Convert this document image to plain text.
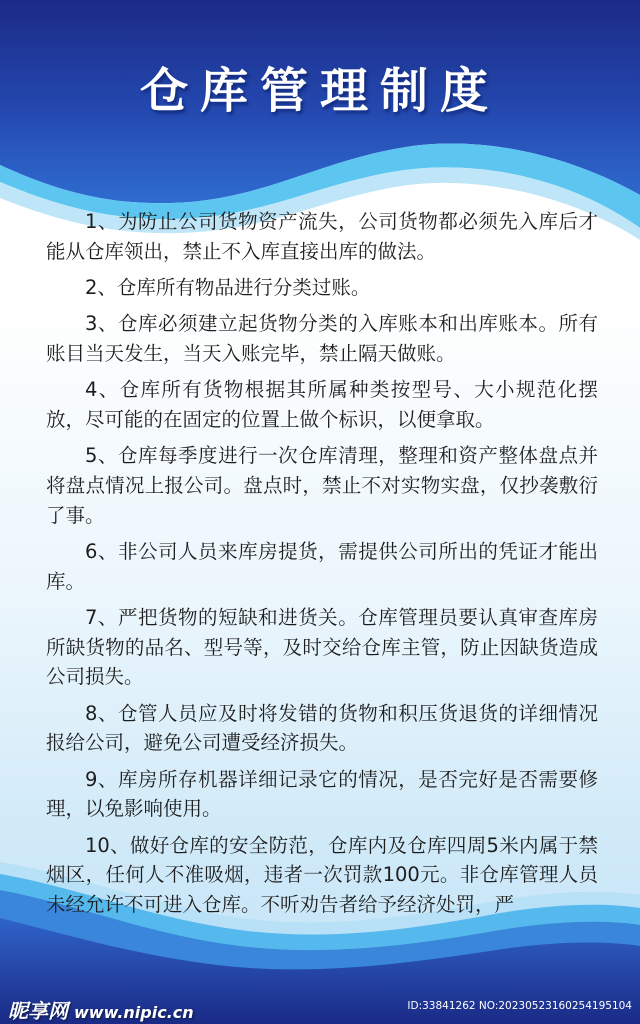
仓库管理制度

1、为防止公司货物资产流失，公司货物都必须先入库后才能从仓库领出，禁止不入库直接出库的做法。

2、仓库所有物品进行分类过账。

3、仓库必须建立起货物分类的入库账本和出库账本。所有账目当天发生，当天入账完毕，禁止隔天做账。

4、仓库所有货物根据其所属种类按型号、大小规范化摆放，尽可能的在固定的位置上做个标识，以便拿取。

5、仓库每季度进行一次仓库清理，整理和资产整体盘点并将盘点情况上报公司。盘点时，禁止不对实物实盘，仅抄袭敷衍了事。

6、非公司人员来库房提货，需提供公司所出的凭证才能出库。

7、严把货物的短缺和进货关。仓库管理员要认真审查库房所缺货物的品名、型号等，及时交给仓库主管，防止因缺货造成公司损失。

8、仓管人员应及时将发错的货物和积压货退货的详细情况报给公司，避免公司遭受经济损失。

9、库房所存机器详细记录它的情况，是否完好是否需要修理，以免影响使用。

10、做好仓库的安全防范，仓库内及仓库四周5米内属于禁烟区，任何人不准吸烟，违者一次罚款100元。非仓库管理人员未经允许不可进入仓库。不听劝告者给予经济处罚，严

昵享网 www.nipic.cn	ID:33841262 NO:20230523160254195104
